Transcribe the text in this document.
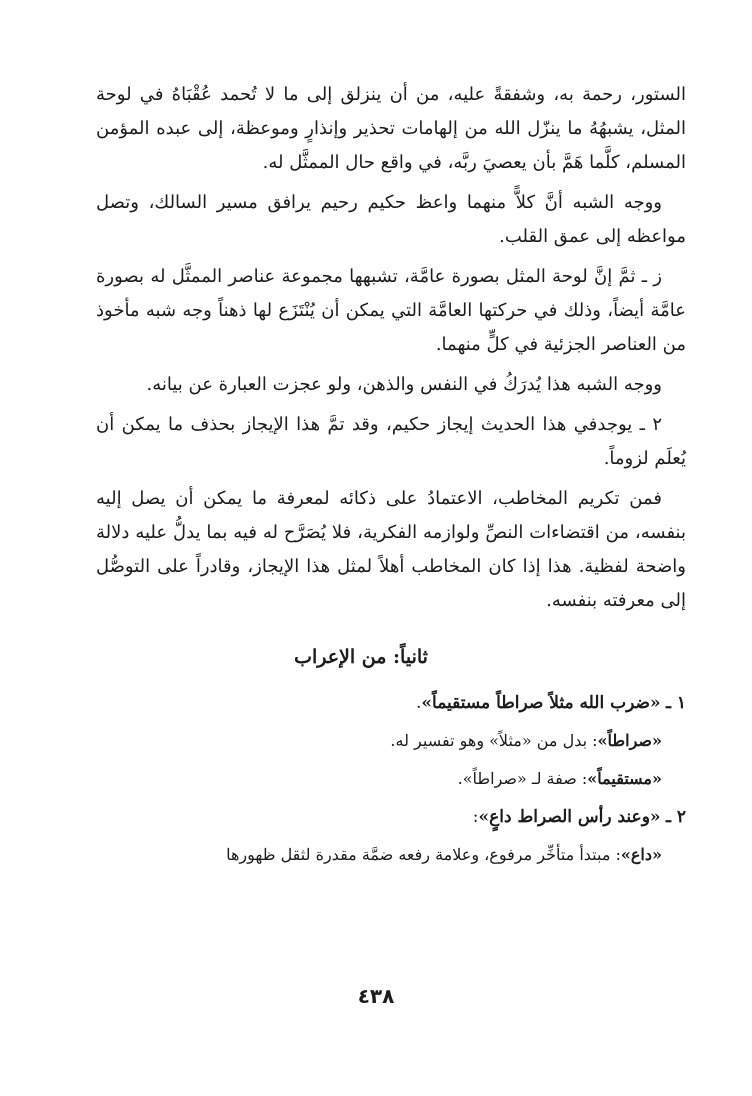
الستور، رحمة به، وشفقةً عليه، من أن ينزلق إلى ما لا تُحمد عُقْبَاهُ في لوحة المثل، يشبهُهُ ما ينزّل الله من إلهامات تحذير وإنذارٍ وموعظة، إلى عبده المؤمن المسلم، كلَّما هَمَّ بأن يعصيَ ربَّه، في واقع حال الممثَّل له.

ووجه الشبه أنَّ كلاًّ منهما واعظ حكيم رحيم يرافق مسير السالك، وتصل مواعظه إلى عمق القلب.

ز ـ ثمَّ إنَّ لوحة المثل بصورة عامَّة، تشبهها مجموعة عناصر الممثَّل له بصورة عامَّة أيضاً، وذلك في حركتها العامَّة التي يمكن أن يُنْتَزَع لها ذهناً وجه شبه مأخوذ من العناصر الجزئية في كلٍّ منهما.

ووجه الشبه هذا يُدرَكُ في النفس والذهن، ولو عجزت العبارة عن بيانه.

٢ ـ يوجدفي هذا الحديث إيجاز حكيم، وقد تمَّ هذا الإيجاز بحذف ما يمكن أن يُعلَم لزوماً.

فمن تكريم المخاطب، الاعتمادُ على ذكائه لمعرفة ما يمكن أن يصل إليه بنفسه، من اقتضاءات النصِّ ولوازمه الفكرية، فلا يُصَرَّح له فيه بما يدلُّ عليه دلالة واضحة لفظية. هذا إذا كان المخاطب أهلاً لمثل هذا الإيجاز، وقادراً على التوصُّل إلى معرفته بنفسه.

ثانياً: من الإعراب

١ ـ «ضرب الله مثلاً صراطاً مستقيماً».

«صراطاً»: بدل من «مثلاً» وهو تفسير له.

«مستقيماً»: صفة لـ «صراطاً».

٢ ـ «وعند رأس الصراط داعٍ»:

«داع»: مبتدأ متأخِّر مرفوع، وعلامة رفعه ضمَّة مقدرة لثقل ظهورها

٤٣٨
